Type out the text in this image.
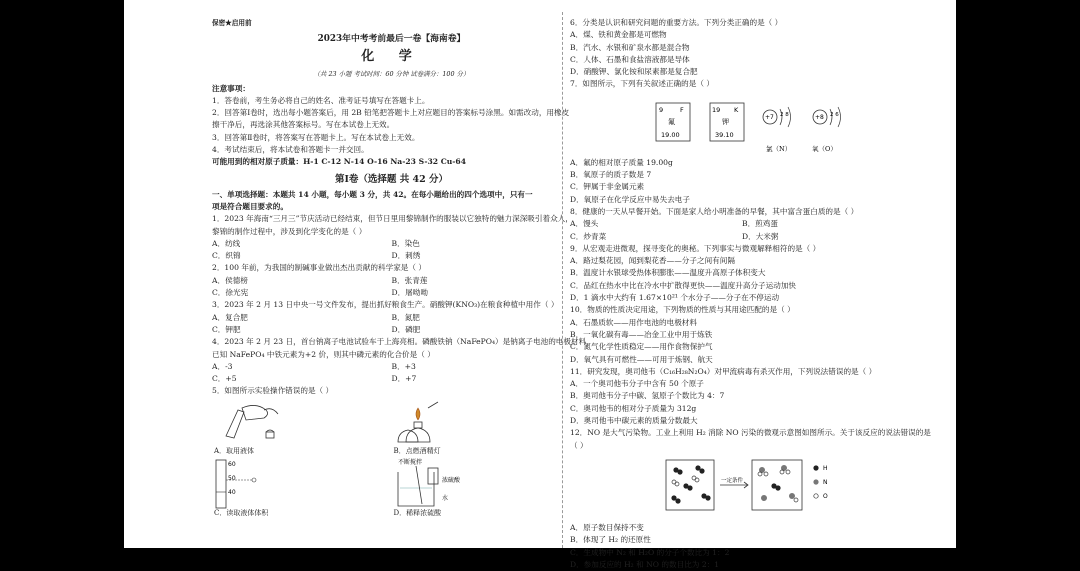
保密★启用前
2023年中考考前最后一卷【海南卷】
化 学
（共 23 小题 考试时间：60 分钟 试卷满分：100 分）
注意事项：
1．答卷前，考生务必将自己的姓名、准考证号填写在答题卡上。
2．回答第Ⅰ卷时，选出每小题答案后，用 2B 铅笔把答题卡上对应题目的答案标号涂黑。如需改动，用橡皮
擦干净后，再选涂其他答案标号。写在本试卷上无效。
3．回答第Ⅱ卷时，将答案写在答题卡上。写在本试卷上无效。
4．考试结束后，将本试卷和答题卡一并交回。
可能用到的相对原子质量：H-1 C-12 N-14 O-16 Na-23 S-32 Cu-64
第Ⅰ卷（选择题 共 42 分）
一、单项选择题：本题共 14 小题，每小题 3 分，共 42。在每小题给出的四个选项中，只有一
项是符合题目要求的。
1．2023 年海南“三月三”节庆活动已经结束，但节日里用黎锦制作的服装以它独特的魅力深深吸引着众人，
黎锦的制作过程中，涉及到化学变化的是（ ）
A．纺线	B．染色
C．织锦	D．刺绣
2．100 年前，为我国的制碱事业做出杰出贡献的科学家是（ ）
A．侯德榜	B．张青莲
C．徐光宪	D．屠呦呦
3．2023 年 2 月 13 日中央一号文件发布，提出抓好粮食生产。硝酸钾(KNO₃)在粮食种植中用作（ ）
A．复合肥	B．氮肥
C．钾肥	D．磷肥
4．2023 年 2 月 23 日，首台钠离子电池试验车于上海亮相。磷酸铁钠（NaFePO₄）是钠离子电池的电极材料，
已知 NaFePO₄ 中铁元素为+2 价，则其中磷元素的化合价是（ ）
A．-3	B．+3
C．+5	D．+7
5．如图所示实验操作错误的是（ ）
A．取用液体	B．点燃酒精灯
60
50
40
C．读取液体体积
不断搅拌
浓硫酸
水
D．稀释浓硫酸
6．分类是认识和研究问题的重要方法。下列分类正确的是（ ）
A．煤、铁和黄金都是可燃物
B．汽水、水银和矿泉水都是混合物
C．人体、石墨和食盐溶液都是导体
D．硝酸钾、氯化铵和尿素都是复合肥
7．如图所示，下列有关叙述正确的是（ ）
9	F
氟
19.00
19 K
钾
39.10
+7 2 8
氯（N）
+8 2 6
氧（O）
A．氟的相对原子质量 19.00g
B．氧原子的质子数是 7
C．钾属于非金属元素
D．氧原子在化学反应中易失去电子
8．健康的一天从早餐开始。下面是家人给小明准备的早餐，其中富含蛋白质的是（ ）
A．馒头	B．煎鸡蛋
C．炒青菜	D．大米粥
9．从宏观走进微观，探寻变化的奥秘。下列事实与微观解释相符的是（ ）
A．路过梨花园，闻到梨花香——分子之间有间隔
B．温度计水银球受热体积膨胀——温度升高原子体积变大
C．品红在热水中比在冷水中扩散得更快——温度升高分子运动加快
D．1 滴水中大约有 1.67×10²¹ 个水分子——分子在不停运动
10．物质的性质决定用途，下列物质的性质与其用途匹配的是（ ）
A．石墨质软——用作电池的电极材料
B．一氧化碳有毒——冶金工业中用于炼铁
C．氮气化学性质稳定——用作食物保护气
D．氧气具有可燃性——可用于炼钢、航天
11．研究发现，奥司他韦（C₁₆H₂₈N₂O₄）对甲流病毒有杀灭作用，下列说法错误的是（ ）
A．一个奥司他韦分子中含有 50 个原子
B．奥司他韦分子中碳、氢原子个数比为 4：7
C．奥司他韦的相对分子质量为 312g
D．奥司他韦中碳元素的质量分数最大
12．NO 是大气污染物。工业上利用 H₂ 消除 NO 污染的微观示意图如图所示。关于该反应的说法错误的是
（ ）
一定条件
H
N
O
A．原子数目保持不变
B．体现了 H₂ 的还原性
C．生成物中 N₂ 和 H₂O 的分子个数比为 1：2
D．参加反应的 H₂ 和 NO 的数目比为 2：1
